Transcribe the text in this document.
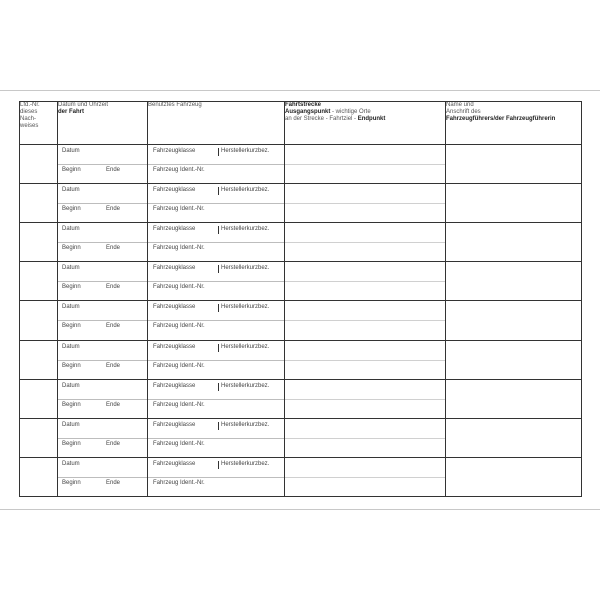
Lfd.-Nr.
dieses
Nach-
weises	Datum und Uhrzeit
der Fahrt	Benutztes Fahrzeug	Fahrtstrecke
Ausgangspunkt - wichtige Orte
an der Strecke - Fahrtziel - Endpunkt	Name und
Anschrift des
Fahrzeugführers/der Fahrzeugführerin

	Datum
Beginn Ende	Fahrzeugklasse Herstellerkurzbez.
Fahrzeug Ident.-Nr.		

	Datum
Beginn Ende	Fahrzeugklasse Herstellerkurzbez.
Fahrzeug Ident.-Nr.		

	Datum
Beginn Ende	Fahrzeugklasse Herstellerkurzbez.
Fahrzeug Ident.-Nr.		

	Datum
Beginn Ende	Fahrzeugklasse Herstellerkurzbez.
Fahrzeug Ident.-Nr.		

	Datum
Beginn Ende	Fahrzeugklasse Herstellerkurzbez.
Fahrzeug Ident.-Nr.		

	Datum
Beginn Ende	Fahrzeugklasse Herstellerkurzbez.
Fahrzeug Ident.-Nr.		

	Datum
Beginn Ende	Fahrzeugklasse Herstellerkurzbez.
Fahrzeug Ident.-Nr.		

	Datum
Beginn Ende	Fahrzeugklasse Herstellerkurzbez.
Fahrzeug Ident.-Nr.		

	Datum
Beginn Ende	Fahrzeugklasse Herstellerkurzbez.
Fahrzeug Ident.-Nr.		
